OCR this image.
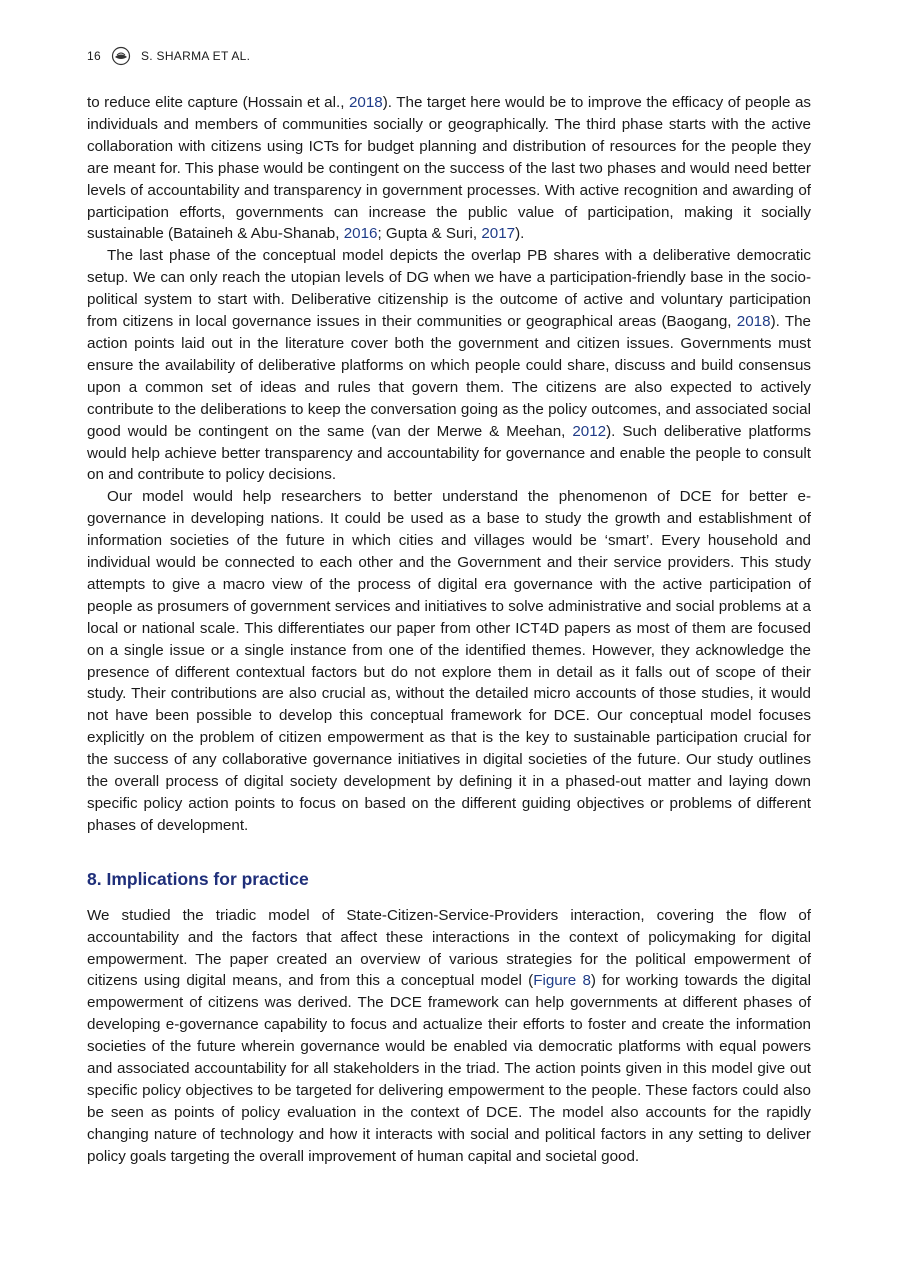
16	S. SHARMA ET AL.

to reduce elite capture (Hossain et al., 2018). The target here would be to improve the efficacy of people as individuals and members of communities socially or geographically. The third phase starts with the active collaboration with citizens using ICTs for budget planning and distribution of resources for the people they are meant for. This phase would be contingent on the success of the last two phases and would need better levels of accountability and transparency in government processes. With active recognition and awarding of participation efforts, governments can increase the public value of participation, making it socially sustainable (Bataineh & Abu-Shanab, 2016; Gupta & Suri, 2017).

The last phase of the conceptual model depicts the overlap PB shares with a deliberative democratic setup. We can only reach the utopian levels of DG when we have a participation-friendly base in the socio-political system to start with. Deliberative citizenship is the outcome of active and voluntary participation from citizens in local governance issues in their communities or geographical areas (Baogang, 2018). The action points laid out in the literature cover both the government and citizen issues. Governments must ensure the availability of deliberative platforms on which people could share, discuss and build consensus upon a common set of ideas and rules that govern them. The citizens are also expected to actively contribute to the deliberations to keep the conversation going as the policy outcomes, and associated social good would be contingent on the same (van der Merwe & Meehan, 2012). Such deliberative platforms would help achieve better transparency and accountability for governance and enable the people to consult on and contribute to policy decisions.

Our model would help researchers to better understand the phenomenon of DCE for better e-governance in developing nations. It could be used as a base to study the growth and establishment of information societies of the future in which cities and villages would be ‘smart’. Every household and individual would be connected to each other and the Government and their service providers. This study attempts to give a macro view of the process of digital era governance with the active participation of people as prosumers of government services and initiatives to solve administrative and social problems at a local or national scale. This differentiates our paper from other ICT4D papers as most of them are focused on a single issue or a single instance from one of the identified themes. However, they acknowledge the presence of different contextual factors but do not explore them in detail as it falls out of scope of their study. Their contributions are also crucial as, without the detailed micro accounts of those studies, it would not have been possible to develop this conceptual framework for DCE. Our conceptual model focuses explicitly on the problem of citizen empowerment as that is the key to sustainable participation crucial for the success of any collaborative governance initiatives in digital societies of the future. Our study outlines the overall process of digital society development by defining it in a phased-out matter and laying down specific policy action points to focus on based on the different guiding objectives or problems of different phases of development.

8. Implications for practice

We studied the triadic model of State-Citizen-Service-Providers interaction, covering the flow of accountability and the factors that affect these interactions in the context of policymaking for digital empowerment. The paper created an overview of various strategies for the political empowerment of citizens using digital means, and from this a conceptual model (Figure 8) for working towards the digital empowerment of citizens was derived. The DCE framework can help governments at different phases of developing e-governance capability to focus and actualize their efforts to foster and create the information societies of the future wherein governance would be enabled via democratic platforms with equal powers and associated accountability for all stakeholders in the triad. The action points given in this model give out specific policy objectives to be targeted for delivering empowerment to the people. These factors could also be seen as points of policy evaluation in the context of DCE. The model also accounts for the rapidly changing nature of technology and how it interacts with social and political factors in any setting to deliver policy goals targeting the overall improvement of human capital and societal good.
